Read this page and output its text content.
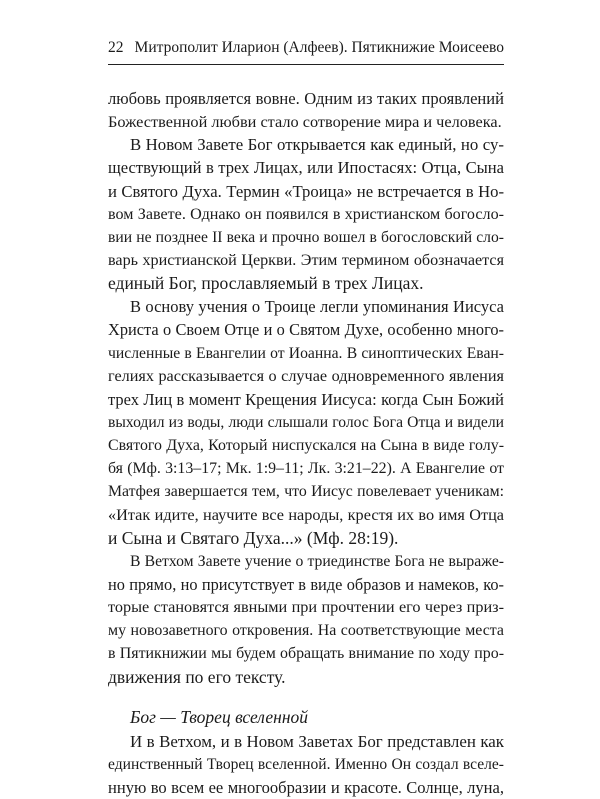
22 Митрополит Иларион (Алфеев). Пятикнижие Моисеево
любовь проявляется вовне. Одним из таких проявлений
Божественной любви стало сотворение мира и человека.
В Новом Завете Бог открывается как единый, но су-
ществующий в трех Лицах, или Ипостасях: Отца, Сына
и Святого Духа. Термин «Троица» не встречается в Но-
вом Завете. Однако он появился в христианском богосло-
вии не позднее II века и прочно вошел в богословский сло-
варь христианской Церкви. Этим термином обозначается
единый Бог, прославляемый в трех Лицах.
В основу учения о Троице легли упоминания Иисуса
Христа о Своем Отце и о Святом Духе, особенно много-
численные в Евангелии от Иоанна. В синоптических Еван-
гелиях рассказывается о случае одновременного явления
трех Лиц в момент Крещения Иисуса: когда Сын Божий
выходил из воды, люди слышали голос Бога Отца и видели
Святого Духа, Который ниспускался на Сына в виде голу-
бя (Мф. 3:13–17; Мк. 1:9–11; Лк. 3:21–22). А Евангелие от
Матфея завершается тем, что Иисус повелевает ученикам:
«Итак идите, научите все народы, крестя их во имя Отца
и Сына и Святаго Духа...» (Мф. 28:19).
В Ветхом Завете учение о триединстве Бога не выраже-
но прямо, но присутствует в виде образов и намеков, ко-
торые становятся явными при прочтении его через приз-
му новозаветного откровения. На соответствующие места
в Пятикнижии мы будем обращать внимание по ходу про-
движения по его тексту.
Бог — Творец вселенной
И в Ветхом, и в Новом Заветах Бог представлен как
единственный Творец вселенной. Именно Он создал вселе-
нную во всем ее многообразии и красоте. Солнце, луна,
